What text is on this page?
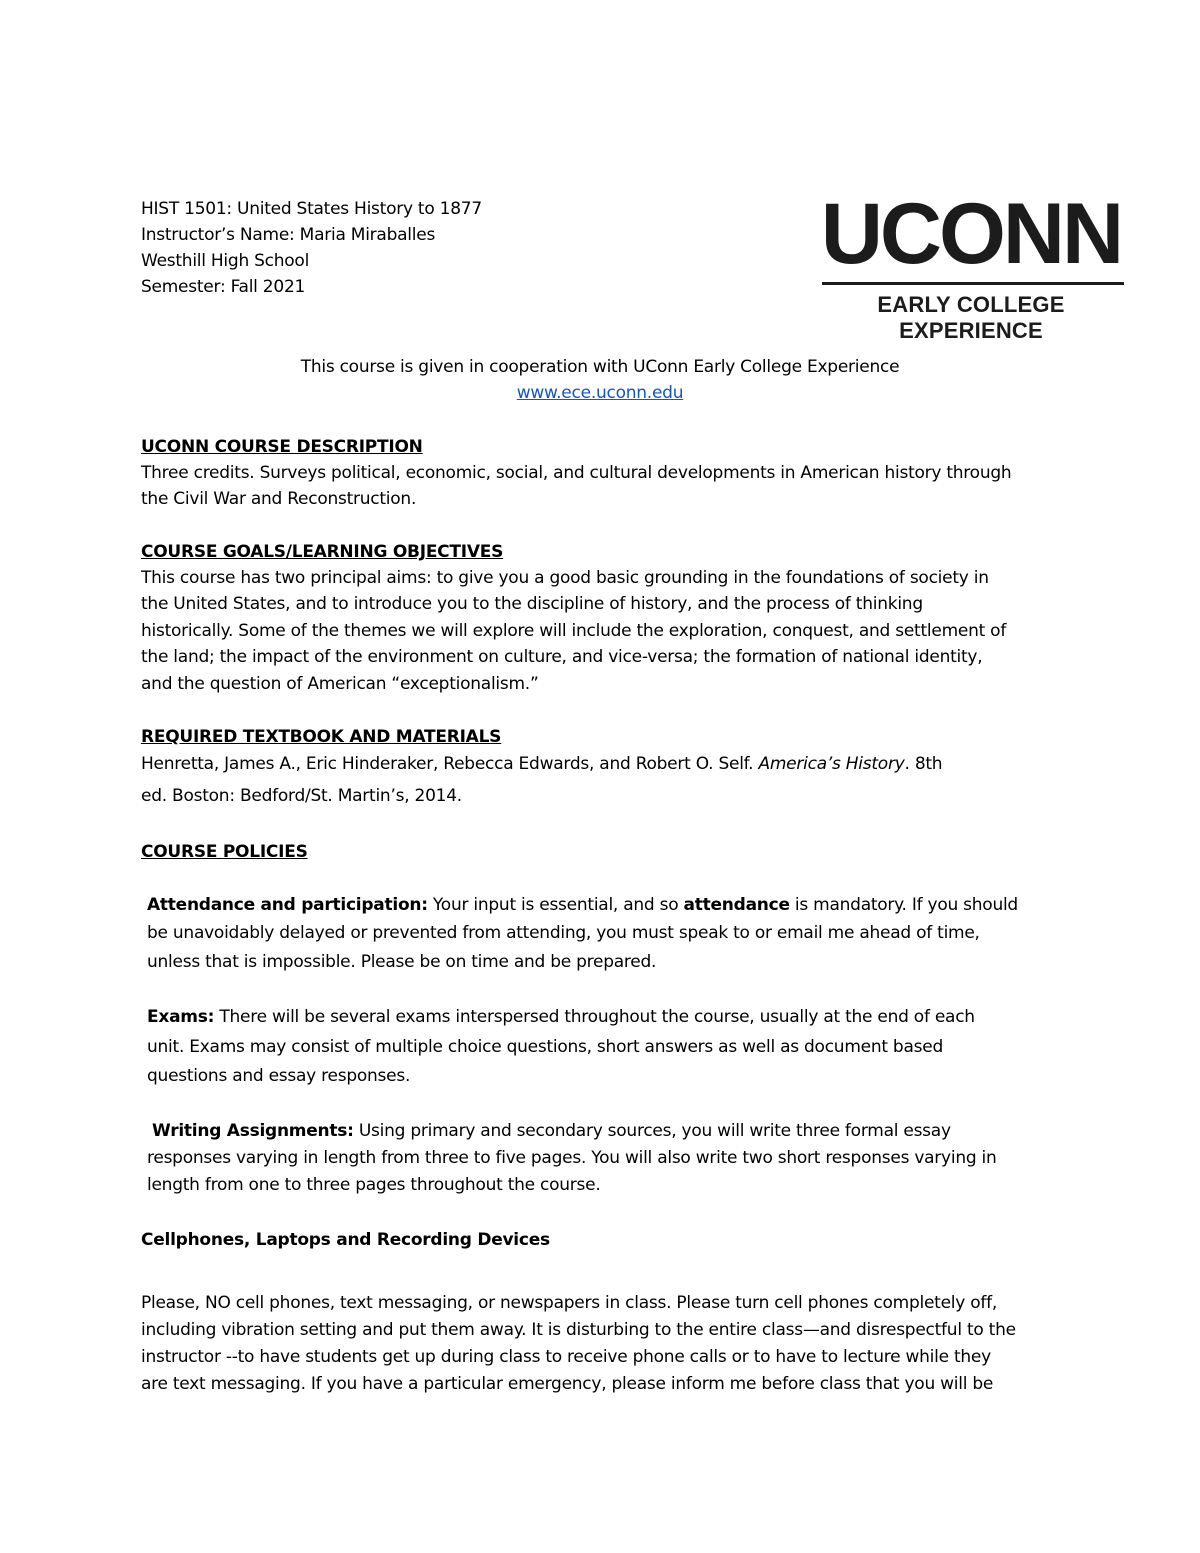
HIST 1501: United States History to 1877

Instructor’s Name: Maria Miraballes

Westhill High School

Semester: Fall 2021

UCONN
EARLY COLLEGE
EXPERIENCE

This course is given in cooperation with UConn Early College Experience

www.ece.uconn.edu

UCONN COURSE DESCRIPTION

Three credits. Surveys political, economic, social, and cultural developments in American history through

the Civil War and Reconstruction.

COURSE GOALS/LEARNING OBJECTIVES

This course has two principal aims: to give you a good basic grounding in the foundations of society in

the United States, and to introduce you to the discipline of history, and the process of thinking

historically. Some of the themes we will explore will include the exploration, conquest, and settlement of

the land; the impact of the environment on culture, and vice-versa; the formation of national identity,

and the question of American “exceptionalism.”

REQUIRED TEXTBOOK AND MATERIALS

Henretta, James A., Eric Hinderaker, Rebecca Edwards, and Robert O. Self. America’s History. 8th

ed. Boston: Bedford/St. Martin’s, 2014.

COURSE POLICIES

Attendance and participation: Your input is essential, and so attendance is mandatory. If you should

be unavoidably delayed or prevented from attending, you must speak to or email me ahead of time,

unless that is impossible. Please be on time and be prepared.

Exams: There will be several exams interspersed throughout the course, usually at the end of each

unit. Exams may consist of multiple choice questions, short answers as well as document based

questions and essay responses.

Writing Assignments: Using primary and secondary sources, you will write three formal essay

responses varying in length from three to five pages. You will also write two short responses varying in

length from one to three pages throughout the course.

Cellphones, Laptops and Recording Devices

Please, NO cell phones, text messaging, or newspapers in class. Please turn cell phones completely off,

including vibration setting and put them away. It is disturbing to the entire class—and disrespectful to the

instructor --to have students get up during class to receive phone calls or to have to lecture while they

are text messaging. If you have a particular emergency, please inform me before class that you will be
